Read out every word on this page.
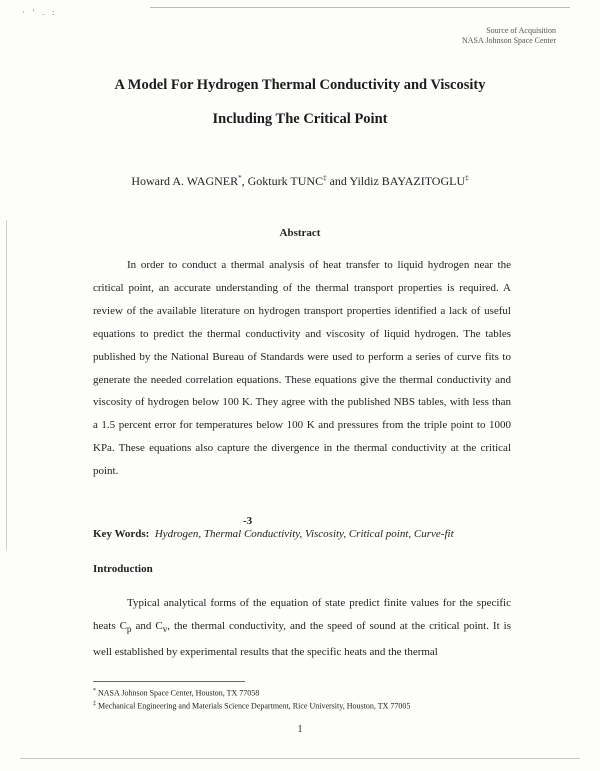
· ' . :
Source of Acquisition
NASA Johnson Space Center
A Model For Hydrogen Thermal Conductivity and Viscosity
Including The Critical Point
Howard A. WAGNER*, Gokturk TUNC‡ and Yildiz BAYAZITOGLU‡
Abstract

In order to conduct a thermal analysis of heat transfer to liquid hydrogen near the critical point, an accurate understanding of the thermal transport properties is required. A review of the available literature on hydrogen transport properties identified a lack of useful equations to predict the thermal conductivity and viscosity of liquid hydrogen. The tables published by the National Bureau of Standards were used to perform a series of curve fits to generate the needed correlation equations. These equations give the thermal conductivity and viscosity of hydrogen below 100 K. They agree with the published NBS tables, with less than a 1.5 percent error for temperatures below 100 K and pressures from the triple point to 1000 KPa. These equations also capture the divergence in the thermal conductivity at the critical point.

-3
Key Words: Hydrogen, Thermal Conductivity, Viscosity, Critical point, Curve-fit
Introduction

Typical analytical forms of the equation of state predict finite values for the specific heats $C_p$ and $C_v$, the thermal conductivity, and the speed of sound at the critical point. It is well established by experimental results that the specific heats and the thermal

* NASA Johnson Space Center, Houston, TX 77058
‡ Mechanical Engineering and Materials Science Department, Rice University, Houston, TX 77005
1
